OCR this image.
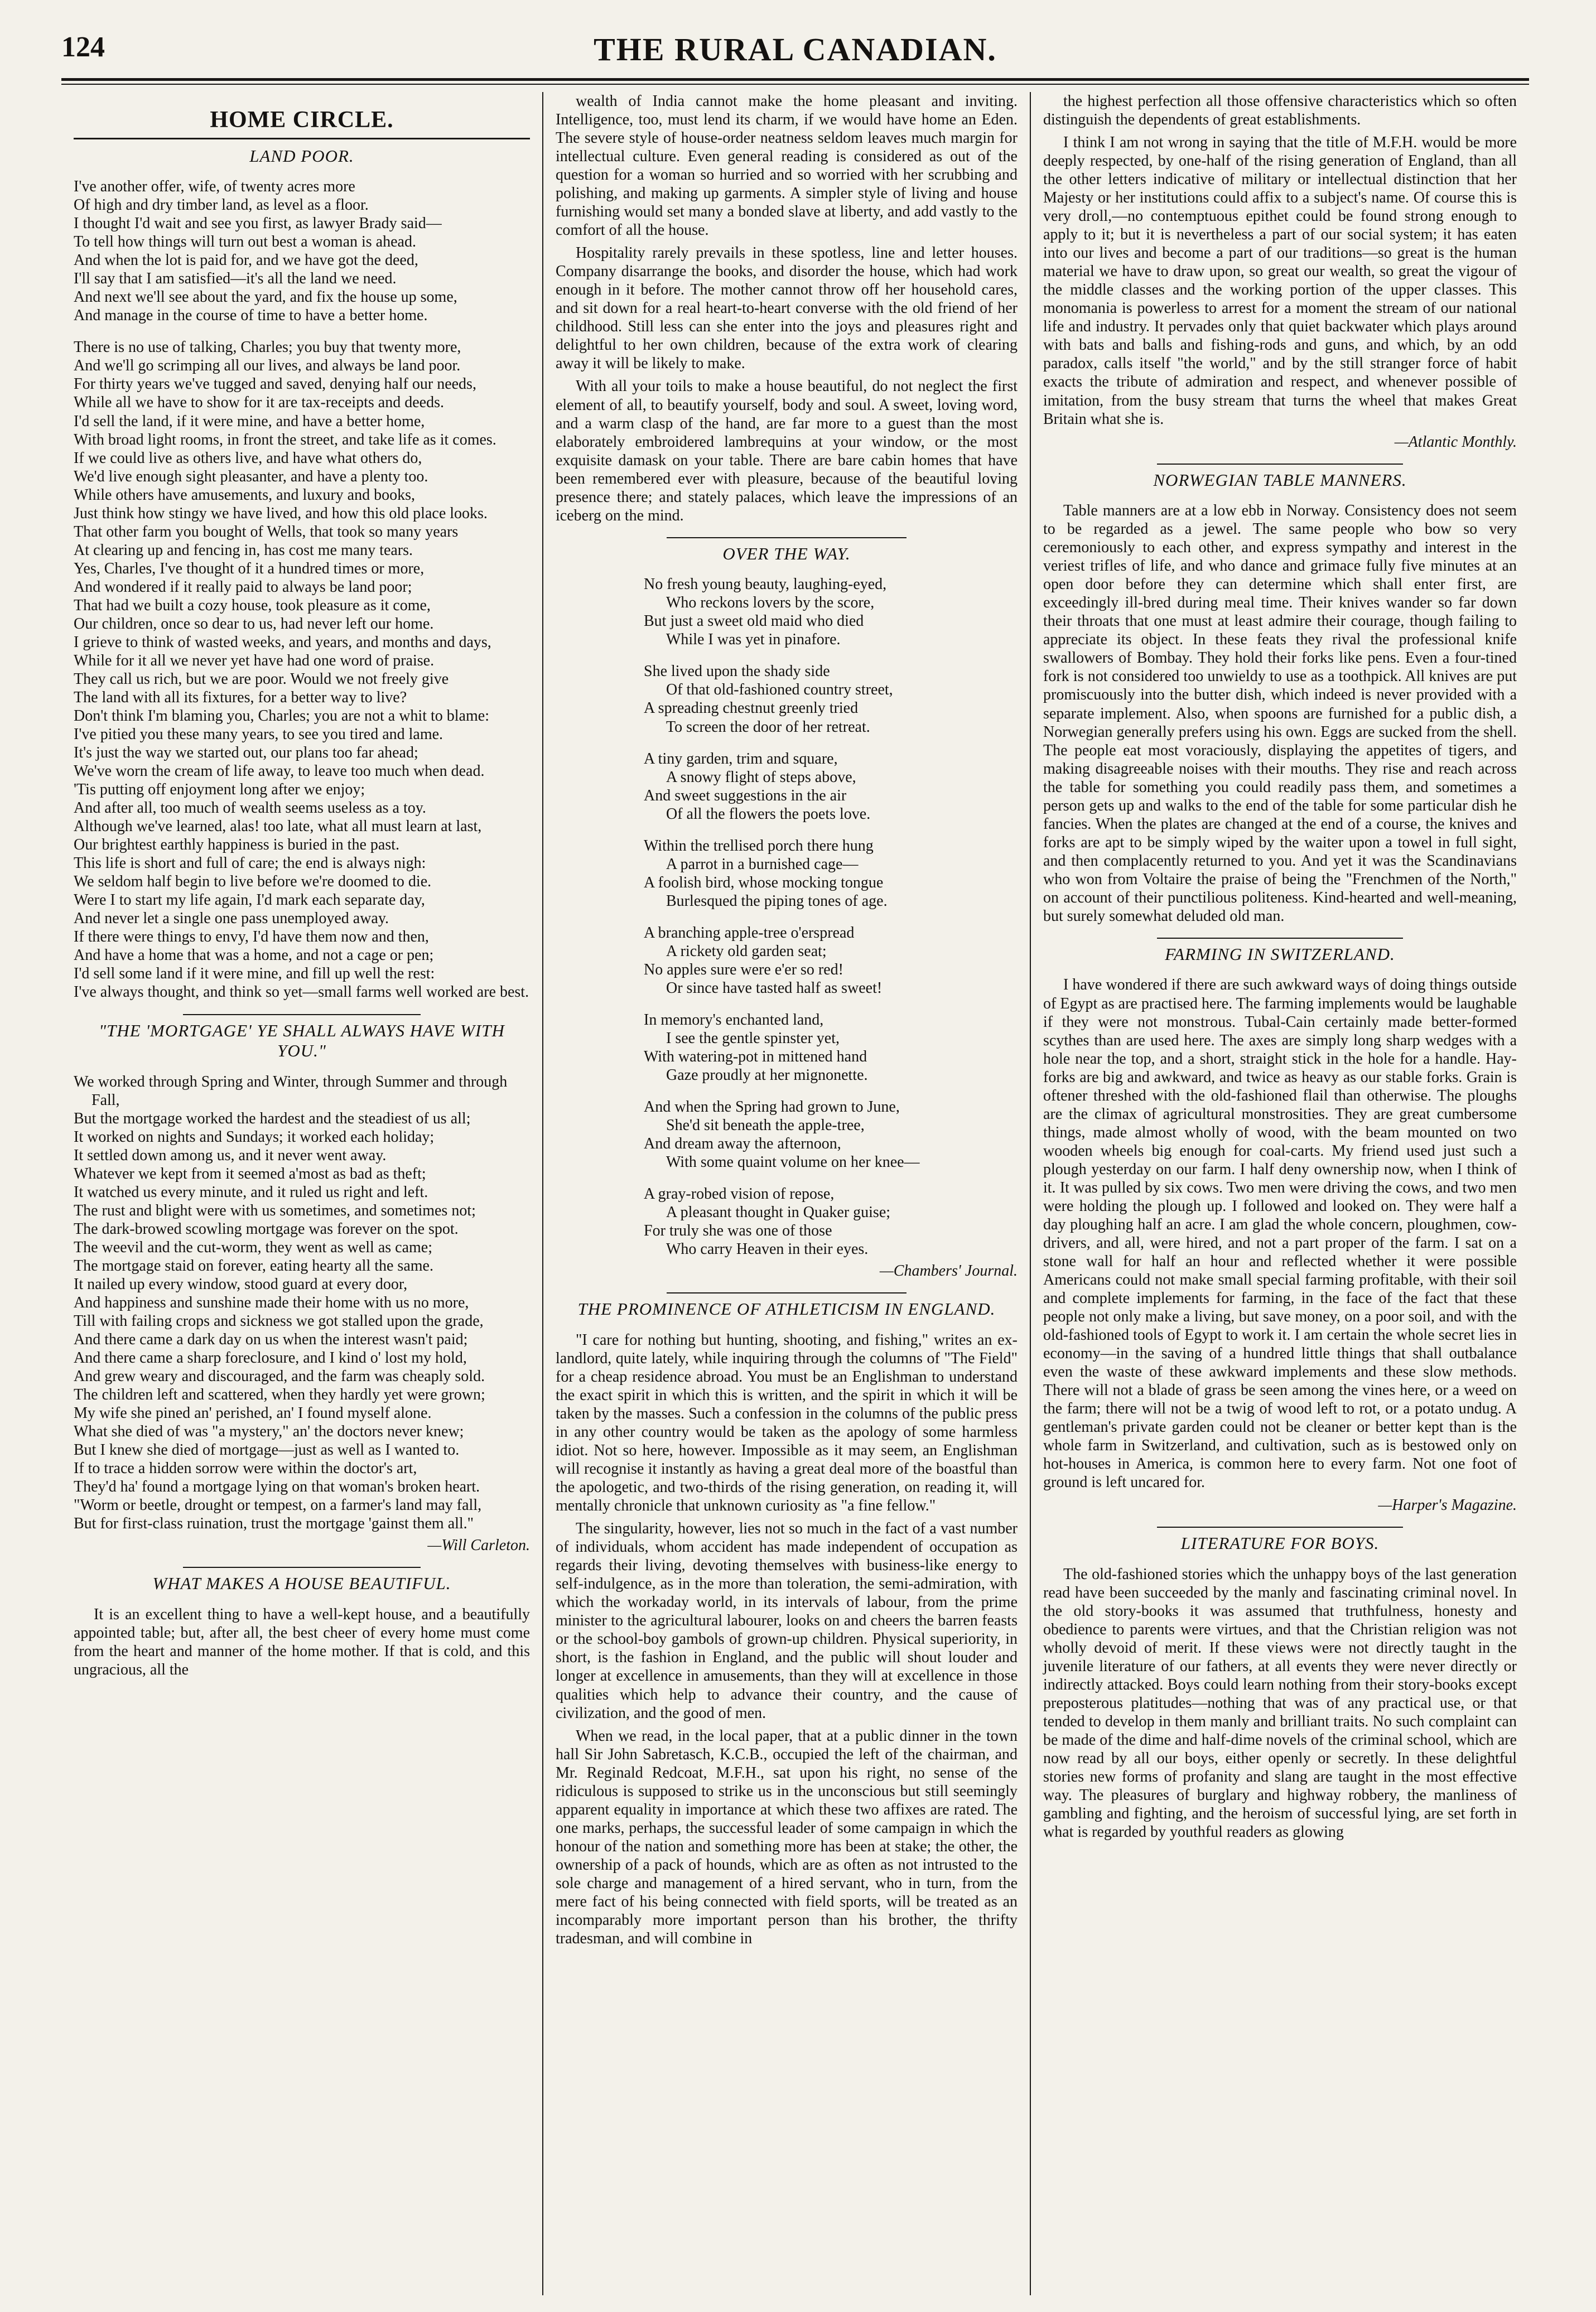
THE RURAL CANADIAN.
124
HOME CIRCLE.
LAND POOR.
I've another offer, wife, of twenty acres more
Of high and dry timber land, as level as a floor.
I thought I'd wait and see you first, as lawyer Brady said—
To tell how things will turn out best a woman is ahead.
And when the lot is paid for, and we have got the deed,
I'll say that I am satisfied—it's all the land we need.
And next we'll see about the yard, and fix the house up some,
And manage in the course of time to have a better home.
There is no use of talking, Charles; you buy that twenty more,
And we'll go scrimping all our lives, and always be land poor.
For thirty years we've tugged and saved, denying half our needs,
While all we have to show for it are tax-receipts and deeds.
I'd sell the land, if it were mine, and have a better home,
With broad light rooms, in front the street, and take life as it comes.
If we could live as others live, and have what others do,
We'd live enough sight pleasanter, and have a plenty too.
While others have amusements, and luxury and books,
Just think how stingy we have lived, and how this old place looks.
That other farm you bought of Wells, that took so many years
At clearing up and fencing in, has cost me many tears.
Yes, Charles, I've thought of it a hundred times or more,
And wondered if it really paid to always be land poor;
That had we built a cozy house, took pleasure as it come,
Our children, once so dear to us, had never left our home.
I grieve to think of wasted weeks, and years, and months and days,
While for it all we never yet have had one word of praise.
They call us rich, but we are poor. Would we not freely give
The land with all its fixtures, for a better way to live?
Don't think I'm blaming you, Charles; you are not a whit to blame:
I've pitied you these many years, to see you tired and lame.
It's just the way we started out, our plans too far ahead;
We've worn the cream of life away, to leave too much when dead.
'Tis putting off enjoyment long after we enjoy;
And after all, too much of wealth seems useless as a toy.
Although we've learned, alas! too late, what all must learn at last,
Our brightest earthly happiness is buried in the past.
This life is short and full of care; the end is always nigh:
We seldom half begin to live before we're doomed to die.
Were I to start my life again, I'd mark each separate day,
And never let a single one pass unemployed away.
If there were things to envy, I'd have them now and then,
And have a home that was a home, and not a cage or pen;
I'd sell some land if it were mine, and fill up well the rest:
I've always thought, and think so yet—small farms well worked are best.
"THE 'MORTGAGE' YE SHALL ALWAYS HAVE WITH YOU."
We worked through Spring and Winter, through Summer and through Fall,
But the mortgage worked the hardest and the steadiest of us all;
It worked on nights and Sundays; it worked each holiday;
It settled down among us, and it never went away.
Whatever we kept from it seemed a'most as bad as theft;
It watched us every minute, and it ruled us right and left.
The rust and blight were with us sometimes, and sometimes not;
The dark-browed scowling mortgage was forever on the spot.
The weevil and the cut-worm, they went as well as came;
The mortgage staid on forever, eating hearty all the same.
It nailed up every window, stood guard at every door,
And happiness and sunshine made their home with us no more,
Till with failing crops and sickness we got stalled upon the grade,
And there came a dark day on us when the interest wasn't paid;
And there came a sharp foreclosure, and I kind o' lost my hold,
And grew weary and discouraged, and the farm was cheaply sold.
The children left and scattered, when they hardly yet were grown;
My wife she pined an' perished, an' I found myself alone.
What she died of was "a mystery," an' the doctors never knew;
But I knew she died of mortgage—just as well as I wanted to.
If to trace a hidden sorrow were within the doctor's art,
They'd ha' found a mortgage lying on that woman's broken heart.
"Worm or beetle, drought or tempest, on a farmer's land may fall,
But for first-class ruination, trust the mortgage 'gainst them all."
—Will Carleton.
WHAT MAKES A HOUSE BEAUTIFUL.

It is an excellent thing to have a well-kept house, and a beautifully appointed table; but, after all, the best cheer of every home must come from the heart and manner of the home mother. If that is cold, and this ungracious, all the

wealth of India cannot make the home pleasant and inviting. Intelligence, too, must lend its charm, if we would have home an Eden. The severe style of house-order neatness seldom leaves much margin for intellectual culture. Even general reading is considered as out of the question for a woman so hurried and so worried with her scrubbing and polishing, and making up garments. A simpler style of living and house furnishing would set many a bonded slave at liberty, and add vastly to the comfort of all the house.

Hospitality rarely prevails in these spotless, line and letter houses. Company disarrange the books, and disorder the house, which had work enough in it before. The mother cannot throw off her household cares, and sit down for a real heart-to-heart converse with the old friend of her childhood. Still less can she enter into the joys and pleasures right and delightful to her own children, because of the extra work of clearing away it will be likely to make.

With all your toils to make a house beautiful, do not neglect the first element of all, to beautify yourself, body and soul. A sweet, loving word, and a warm clasp of the hand, are far more to a guest than the most elaborately embroidered lambrequins at your window, or the most exquisite damask on your table. There are bare cabin homes that have been remembered ever with pleasure, because of the beautiful loving presence there; and stately palaces, which leave the impressions of an iceberg on the mind.

OVER THE WAY.
No fresh young beauty, laughing-eyed,
Who reckons lovers by the score,
But just a sweet old maid who died
While I was yet in pinafore.
She lived upon the shady side
Of that old-fashioned country street,
A spreading chestnut greenly tried
To screen the door of her retreat.
A tiny garden, trim and square,
A snowy flight of steps above,
And sweet suggestions in the air
Of all the flowers the poets love.
Within the trellised porch there hung
A parrot in a burnished cage—
A foolish bird, whose mocking tongue
Burlesqued the piping tones of age.
A branching apple-tree o'erspread
A rickety old garden seat;
No apples sure were e'er so red!
Or since have tasted half as sweet!
In memory's enchanted land,
I see the gentle spinster yet,
With watering-pot in mittened hand
Gaze proudly at her mignonette.
And when the Spring had grown to June,
She'd sit beneath the apple-tree,
And dream away the afternoon,
With some quaint volume on her knee—
A gray-robed vision of repose,
A pleasant thought in Quaker guise;
For truly she was one of those
Who carry Heaven in their eyes.
—Chambers' Journal.
THE PROMINENCE OF ATHLETICISM IN ENGLAND.

"I care for nothing but hunting, shooting, and fishing," writes an ex-landlord, quite lately, while inquiring through the columns of "The Field" for a cheap residence abroad. You must be an Englishman to understand the exact spirit in which this is written, and the spirit in which it will be taken by the masses. Such a confession in the columns of the public press in any other country would be taken as the apology of some harmless idiot. Not so here, however. Impossible as it may seem, an Englishman will recognise it instantly as having a great deal more of the boastful than the apologetic, and two-thirds of the rising generation, on reading it, will mentally chronicle that unknown curiosity as "a fine fellow."

The singularity, however, lies not so much in the fact of a vast number of individuals, whom accident has made independent of occupation as regards their living, devoting themselves with business-like energy to self-indulgence, as in the more than toleration, the semi-admiration, with which the workaday world, in its intervals of labour, from the prime minister to the agricultural labourer, looks on and cheers the barren feasts or the school-boy gambols of grown-up children. Physical superiority, in short, is the fashion in England, and the public will shout louder and longer at excellence in amusements, than they will at excellence in those qualities which help to advance their country, and the cause of civilization, and the good of men.

When we read, in the local paper, that at a public dinner in the town hall Sir John Sabretasch, K.C.B., occupied the left of the chairman, and Mr. Reginald Redcoat, M.F.H., sat upon his right, no sense of the ridiculous is supposed to strike us in the unconscious but still seemingly apparent equality in importance at which these two affixes are rated. The one marks, perhaps, the successful leader of some campaign in which the honour of the nation and something more has been at stake; the other, the ownership of a pack of hounds, which are as often as not intrusted to the sole charge and management of a hired servant, who in turn, from the mere fact of his being connected with field sports, will be treated as an incomparably more important person than his brother, the thrifty tradesman, and will combine in

the highest perfection all those offensive characteristics which so often distinguish the dependents of great establishments.

I think I am not wrong in saying that the title of M.F.H. would be more deeply respected, by one-half of the rising generation of England, than all the other letters indicative of military or intellectual distinction that her Majesty or her institutions could affix to a subject's name. Of course this is very droll,—no contemptuous epithet could be found strong enough to apply to it; but it is nevertheless a part of our social system; it has eaten into our lives and become a part of our traditions—so great is the human material we have to draw upon, so great our wealth, so great the vigour of the middle classes and the working portion of the upper classes. This monomania is powerless to arrest for a moment the stream of our national life and industry. It pervades only that quiet backwater which plays around with bats and balls and fishing-rods and guns, and which, by an odd paradox, calls itself "the world," and by the still stranger force of habit exacts the tribute of admiration and respect, and whenever possible of imitation, from the busy stream that turns the wheel that makes Great Britain what she is.

—Atlantic Monthly.
NORWEGIAN TABLE MANNERS.

Table manners are at a low ebb in Norway. Consistency does not seem to be regarded as a jewel. The same people who bow so very ceremoniously to each other, and express sympathy and interest in the veriest trifles of life, and who dance and grimace fully five minutes at an open door before they can determine which shall enter first, are exceedingly ill-bred during meal time. Their knives wander so far down their throats that one must at least admire their courage, though failing to appreciate its object. In these feats they rival the professional knife swallowers of Bombay. They hold their forks like pens. Even a four-tined fork is not considered too unwieldy to use as a toothpick. All knives are put promiscuously into the butter dish, which indeed is never provided with a separate implement. Also, when spoons are furnished for a public dish, a Norwegian generally prefers using his own. Eggs are sucked from the shell. The people eat most voraciously, displaying the appetites of tigers, and making disagreeable noises with their mouths. They rise and reach across the table for something you could readily pass them, and sometimes a person gets up and walks to the end of the table for some particular dish he fancies. When the plates are changed at the end of a course, the knives and forks are apt to be simply wiped by the waiter upon a towel in full sight, and then complacently returned to you. And yet it was the Scandinavians who won from Voltaire the praise of being the "Frenchmen of the North," on account of their punctilious politeness. Kind-hearted and well-meaning, but surely somewhat deluded old man.

FARMING IN SWITZERLAND.

I have wondered if there are such awkward ways of doing things outside of Egypt as are practised here. The farming implements would be laughable if they were not monstrous. Tubal-Cain certainly made better-formed scythes than are used here. The axes are simply long sharp wedges with a hole near the top, and a short, straight stick in the hole for a handle. Hay-forks are big and awkward, and twice as heavy as our stable forks. Grain is oftener threshed with the old-fashioned flail than otherwise. The ploughs are the climax of agricultural monstrosities. They are great cumbersome things, made almost wholly of wood, with the beam mounted on two wooden wheels big enough for coal-carts. My friend used just such a plough yesterday on our farm. I half deny ownership now, when I think of it. It was pulled by six cows. Two men were driving the cows, and two men were holding the plough up. I followed and looked on. They were half a day ploughing half an acre. I am glad the whole concern, ploughmen, cow-drivers, and all, were hired, and not a part proper of the farm. I sat on a stone wall for half an hour and reflected whether it were possible Americans could not make small special farming profitable, with their soil and complete implements for farming, in the face of the fact that these people not only make a living, but save money, on a poor soil, and with the old-fashioned tools of Egypt to work it. I am certain the whole secret lies in economy—in the saving of a hundred little things that shall outbalance even the waste of these awkward implements and these slow methods. There will not a blade of grass be seen among the vines here, or a weed on the farm; there will not be a twig of wood left to rot, or a potato undug. A gentleman's private garden could not be cleaner or better kept than is the whole farm in Switzerland, and cultivation, such as is bestowed only on hot-houses in America, is common here to every farm. Not one foot of ground is left uncared for.

—Harper's Magazine.
LITERATURE FOR BOYS.

The old-fashioned stories which the unhappy boys of the last generation read have been succeeded by the manly and fascinating criminal novel. In the old story-books it was assumed that truthfulness, honesty and obedience to parents were virtues, and that the Christian religion was not wholly devoid of merit. If these views were not directly taught in the juvenile literature of our fathers, at all events they were never directly or indirectly attacked. Boys could learn nothing from their story-books except preposterous platitudes—nothing that was of any practical use, or that tended to develop in them manly and brilliant traits. No such complaint can be made of the dime and half-dime novels of the criminal school, which are now read by all our boys, either openly or secretly. In these delightful stories new forms of profanity and slang are taught in the most effective way. The pleasures of burglary and highway robbery, the manliness of gambling and fighting, and the heroism of successful lying, are set forth in what is regarded by youthful readers as glowing
